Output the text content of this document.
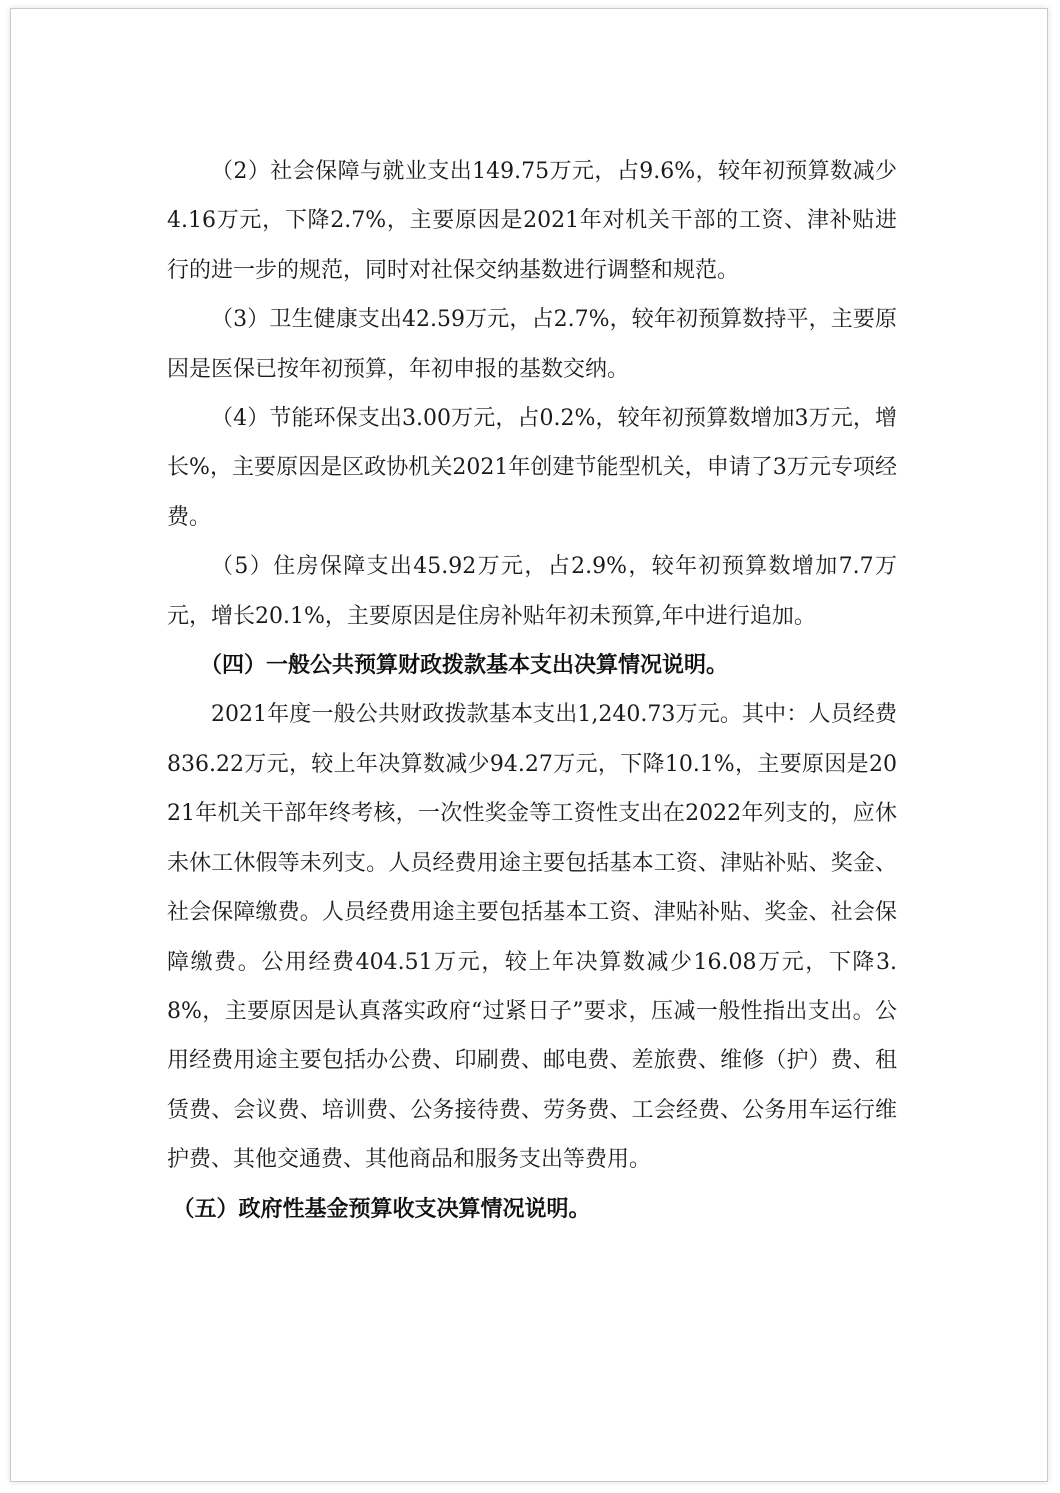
（2）社会保障与就业支出149.75万元，占9.6%，较年初预算数减少4.16万元，下降2.7%，主要原因是2021年对机关干部的工资、津补贴进行的进一步的规范，同时对社保交纳基数进行调整和规范。

（3）卫生健康支出42.59万元，占2.7%，较年初预算数持平，主要原因是医保已按年初预算，年初申报的基数交纳。

（4）节能环保支出3.00万元，占0.2%，较年初预算数增加3万元，增长%，主要原因是区政协机关2021年创建节能型机关，申请了3万元专项经费。

（5）住房保障支出45.92万元，占2.9%，较年初预算数增加7.7万元，增长20.1%，主要原因是住房补贴年初未预算,年中进行追加。

（四）一般公共预算财政拨款基本支出决算情况说明。

2021年度一般公共财政拨款基本支出1,240.73万元。其中：人员经费836.22万元，较上年决算数减少94.27万元，下降10.1%，主要原因是2021年机关干部年终考核，一次性奖金等工资性支出在2022年列支的，应休未休工休假等未列支。人员经费用途主要包括基本工资、津贴补贴、奖金、社会保障缴费。人员经费用途主要包括基本工资、津贴补贴、奖金、社会保障缴费。公用经费404.51万元，较上年决算数减少16.08万元，下降3.8%，主要原因是认真落实政府“过紧日子”要求，压减一般性指出支出。公用经费用途主要包括办公费、印刷费、邮电费、差旅费、维修（护）费、租赁费、会议费、培训费、公务接待费、劳务费、工会经费、公务用车运行维护费、其他交通费、其他商品和服务支出等费用。

（五）政府性基金预算收支决算情况说明。
